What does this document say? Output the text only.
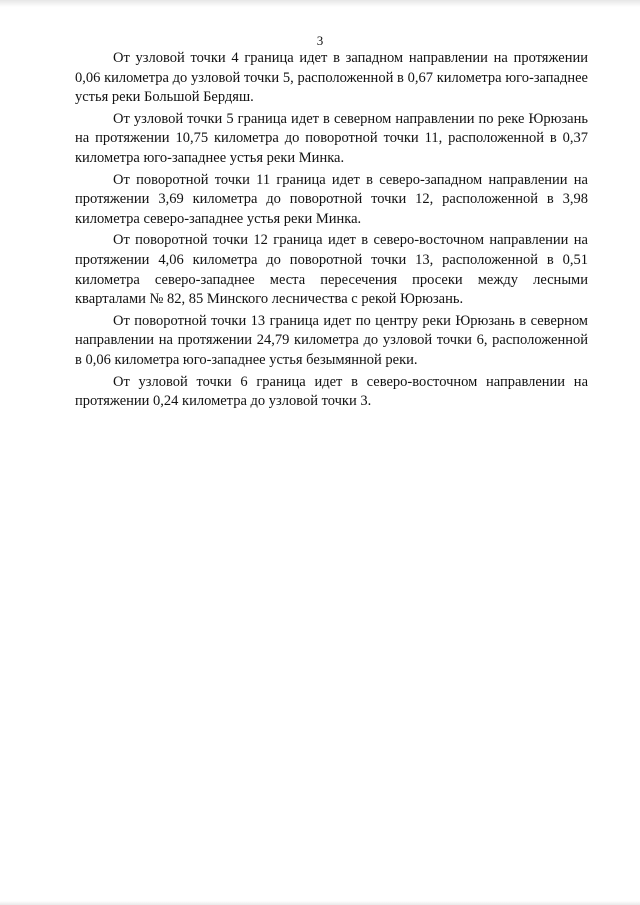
3

От узловой точки 4 граница идет в западном направлении на протяжении 0,06 километра до узловой точки 5, расположенной в 0,67 километра юго-западнее устья реки Большой Бердяш.

От узловой точки 5 граница идет в северном направлении по реке Юрюзань на протяжении 10,75 километра до поворотной точки 11, расположенной в 0,37 километра юго-западнее устья реки Минка.

От поворотной точки 11 граница идет в северо-западном направлении на протяжении 3,69 километра до поворотной точки 12, расположенной в 3,98 километра северо-западнее устья реки Минка.

От поворотной точки 12 граница идет в северо-восточном направлении на протяжении 4,06 километра до поворотной точки 13, расположенной в 0,51 километра северо-западнее места пересечения просеки между лесными кварталами № 82, 85 Минского лесничества с рекой Юрюзань.

От поворотной точки 13 граница идет по центру реки Юрюзань в северном направлении на протяжении 24,79 километра до узловой точки 6, расположенной в 0,06 километра юго-западнее устья безымянной реки.

От узловой точки 6 граница идет в северо-восточном направлении на протяжении 0,24 километра до узловой точки 3.
